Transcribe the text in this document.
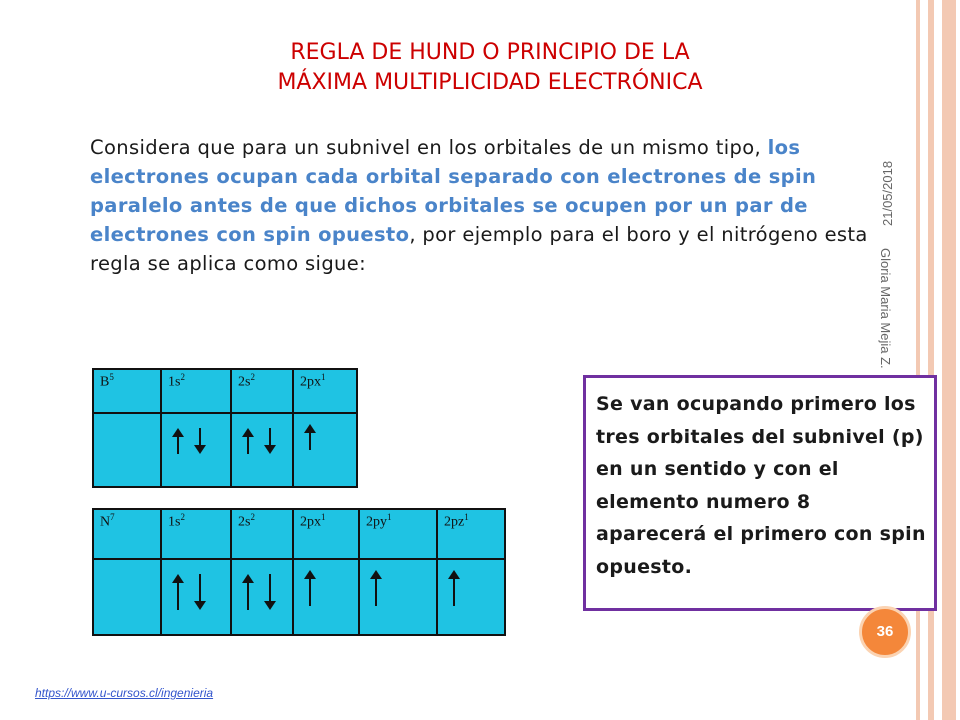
REGLA DE HUND O PRINCIPIO DE LA
MÁXIMA MULTIPLICIDAD ELECTRÓNICA
Considera que para un subnivel en los orbitales de un mismo tipo, los electrones ocupan cada orbital separado con electrones de spin paralelo antes de que dichos orbitales se ocupen por un par de electrones con spin opuesto, por ejemplo para el boro y el nitrógeno esta regla se aplica como sigue:
21/05/2018
Gloria Maria Mejia Z.
$B^5$	$1s^2$	$2s^2$	$2px^1$

$N^7$	$1s^2$	$2s^2$	$2px^1$	$2py^1$	$2pz^1$

Se van ocupando primero los tres orbitales del subnivel (p) en un sentido y con el elemento numero 8 aparecerá el primero con spin opuesto.

36
https://www.u-cursos.cl/ingenieria
